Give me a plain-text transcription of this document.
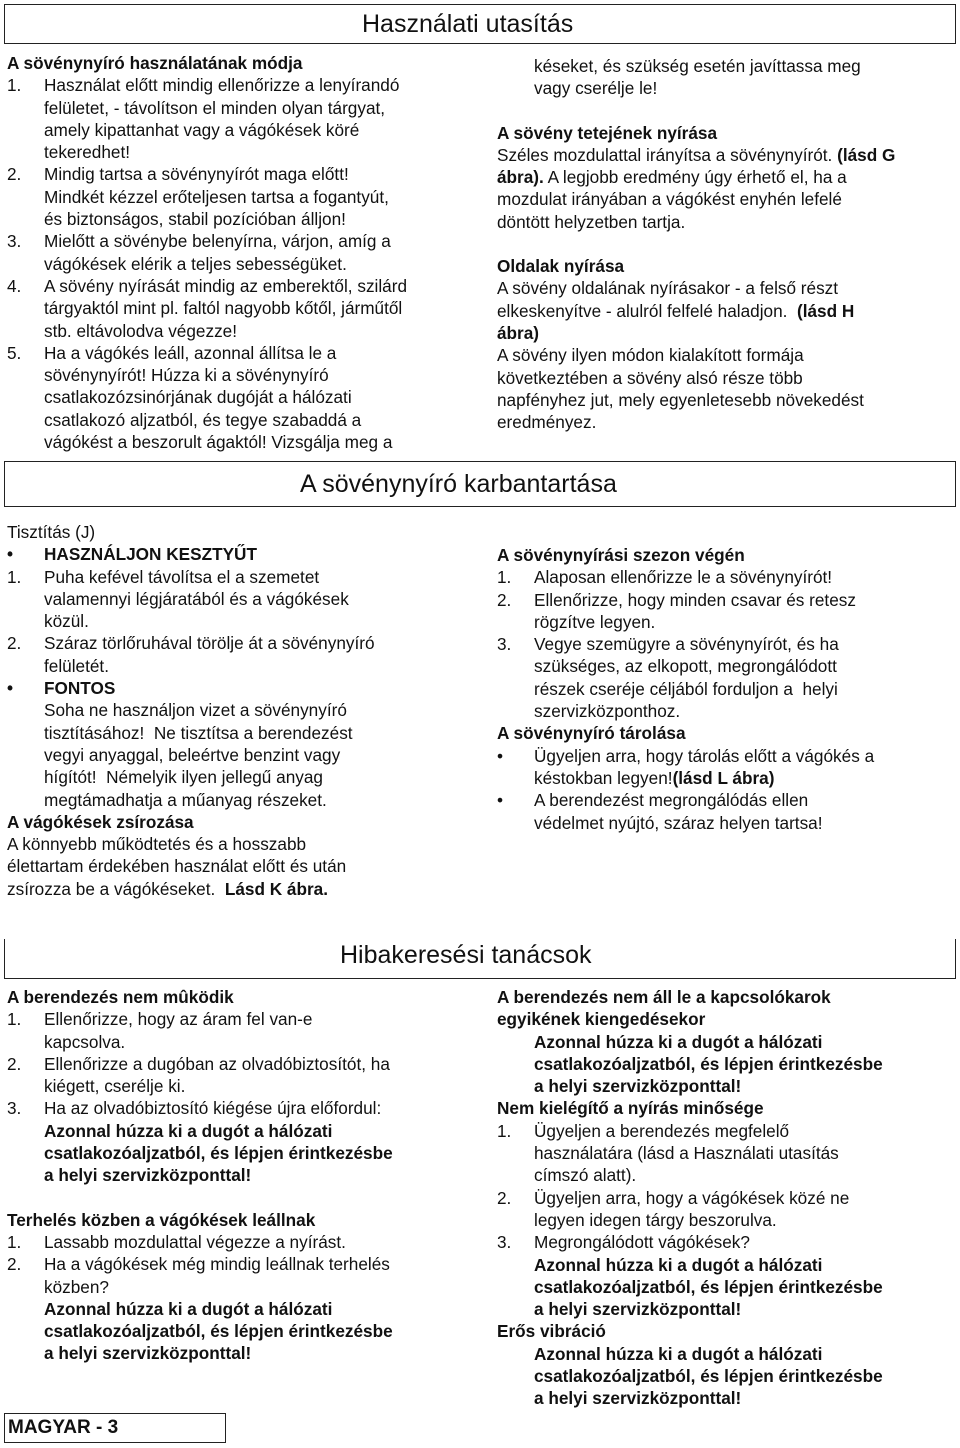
Használati utasítás
A sövénynyíró használatának módja
1. Használat előtt mindig ellenőrizze a lenyírandó
felületet, - távolítson el minden olyan tárgyat,
amely kipattanhat vagy a vágókések köré
tekeredhet!
2. Mindig tartsa a sövénynyírót maga előtt!
Mindkét kézzel erőteljesen tartsa a fogantyút,
és biztonságos, stabil pozícióban álljon!
3. Mielőtt a sövénybe belenyírna, várjon, amíg a
vágókések elérik a teljes sebességüket.
4. A sövény nyírását mindig az emberektől, szilárd
tárgyaktól mint pl. faltól nagyobb kőtől, járműtől
stb. eltávolodva végezze!
5. Ha a vágókés leáll, azonnal állítsa le a
sövénynyírót! Húzza ki a sövénynyíró
csatlakozózsinórjának dugóját a hálózati
csatlakozó aljzatból, és tegye szabaddá a
vágókést a beszorult ágaktól! Vizsgálja meg a
késeket, és szükség esetén javíttassa meg
vagy cserélje le!
A sövény tetejének nyírása
Széles mozdulattal irányítsa a sövénynyírót. (lásd G
ábra). A legjobb eredmény úgy érhető el, ha a
mozdulat irányában a vágókést enyhén lefelé
döntött helyzetben tartja.
Oldalak nyírása
A sövény oldalának nyírásakor - a felső részt
elkeskenyítve - alulról felfelé haladjon.  (lásd H
ábra)
A sövény ilyen módon kialakított formája
következtében a sövény alsó része több
napfényhez jut, mely egyenletesebb növekedést
eredményez.
A sövénynyíró karbantartása
Tisztítás (J)
• HASZNÁLJON KESZTYŰT
1. Puha kefével távolítsa el a szemetet
valamennyi légjáratából és a vágókések
közül.
2. Száraz törlőruhával törölje át a sövénynyíró
felületét.
• FONTOS
Soha ne használjon vizet a sövénynyíró
tisztításához!  Ne tisztítsa a berendezést
vegyi anyaggal, beleértve benzint vagy
hígítót!  Némelyik ilyen jellegű anyag
megtámadhatja a műanyag részeket.
A vágókések zsírozása
A könnyebb működtetés és a hosszabb
élettartam érdekében használat előtt és után
zsírozza be a vágókéseket.  Lásd K ábra.
A sövénynyírási szezon végén
1. Alaposan ellenőrizze le a sövénynyírót!
2. Ellenőrizze, hogy minden csavar és retesz
rögzítve legyen.
3. Vegye szemügyre a sövénynyírót, és ha
szükséges, az elkopott, megrongálódott
részek cseréje céljából forduljon a  helyi
szervizközponthoz.
A sövénynyíró tárolása
• Ügyeljen arra, hogy tárolás előtt a vágókés a
késtokban legyen!(lásd L ábra)
• A berendezést megrongálódás ellen
védelmet nyújtó, száraz helyen tartsa!
Hibakeresési tanácsok
A berendezés nem mûködik
1. Ellenőrizze, hogy az áram fel van-e
kapcsolva.
2. Ellenőrizze a dugóban az olvadóbiztosítót, ha
kiégett, cserélje ki.
3. Ha az olvadóbiztosító kiégése újra előfordul:
Azonnal húzza ki a dugót a hálózati
csatlakozóaljzatból, és lépjen érintkezésbe
a helyi szervizközponttal!
Terhelés közben a vágókések leállnak
1. Lassabb mozdulattal végezze a nyírást.
2. Ha a vágókések még mindig leállnak terhelés
közben?
Azonnal húzza ki a dugót a hálózati
csatlakozóaljzatból, és lépjen érintkezésbe
a helyi szervizközponttal!
A berendezés nem áll le a kapcsolókarok
egyikének kiengedésekor
Azonnal húzza ki a dugót a hálózati
csatlakozóaljzatból, és lépjen érintkezésbe
a helyi szervizközponttal!
Nem kielégítő a nyírás minősége
1. Ügyeljen a berendezés megfelelő
használatára (lásd a Használati utasítás
címszó alatt).
2. Ügyeljen arra, hogy a vágókések közé ne
legyen idegen tárgy beszorulva.
3. Megrongálódott vágókések?
Azonnal húzza ki a dugót a hálózati
csatlakozóaljzatból, és lépjen érintkezésbe
a helyi szervizközponttal!
Erős vibráció
Azonnal húzza ki a dugót a hálózati
csatlakozóaljzatból, és lépjen érintkezésbe
a helyi szervizközponttal!
MAGYAR - 3
